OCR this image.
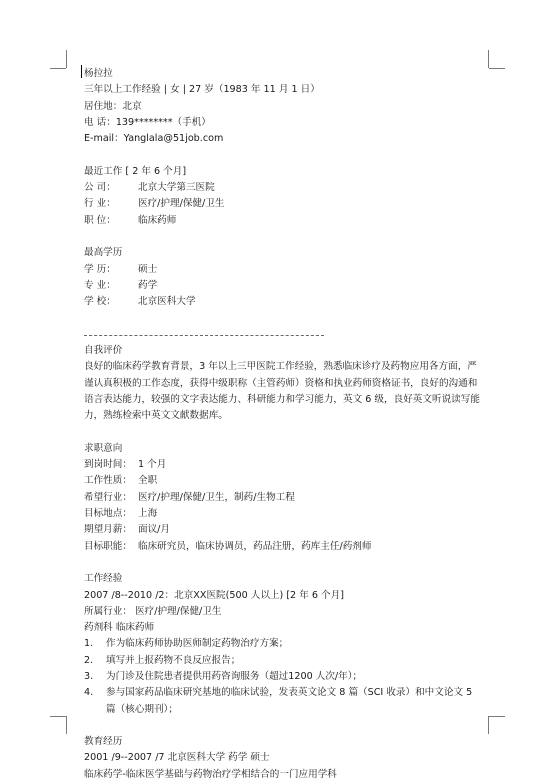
杨拉拉
三年以上工作经验 | 女 | 27 岁（1983 年 11 月 1 日）
居住地：北京
电 话：139********（手机）
E-mail：Yanglala@51job.com
最近工作 [ 2 年 6 个月]
公 司：	北京大学第三医院
行 业：	医疗/护理/保健/卫生
职 位：	临床药师
最高学历
学 历：	硕士
专 业：	药学
学 校：	北京医科大学
自我评价
良好的临床药学教育背景，3 年以上三甲医院工作经验，熟悉临床诊疗及药物应用各方面，严谨认真积极的工作态度，获得中级职称（主管药师）资格和执业药师资格证书，良好的沟通和语言表达能力，较强的文字表达能力、科研能力和学习能力，英文 6 级，良好英文听说读写能力，熟练检索中英文文献数据库。
求职意向
到岗时间： 1 个月
工作性质： 全职
希望行业： 医疗/护理/保健/卫生，制药/生物工程
目标地点： 上海
期望月薪： 面议/月
目标职能： 临床研究员，临床协调员，药品注册，药库主任/药剂师
工作经验
2007 /8--2010 /2：北京XX医院(500 人以上) [2 年 6 个月]
所属行业： 医疗/护理/保健/卫生
药剂科 临床药师
1.	作为临床药师协助医师制定药物治疗方案；
2.	填写并上报药物不良反应报告；
3.	为门诊及住院患者提供用药咨询服务（超过1200 人次/年）；
4.	参与国家药品临床研究基地的临床试验，发表英文论文 8 篇（SCI 收录）和中文论文 5 篇（核心期刊）；
教育经历
2001 /9--2007 /7 北京医科大学 药学 硕士
临床药学-临床医学基础与药物治疗学相结合的一门应用学科
